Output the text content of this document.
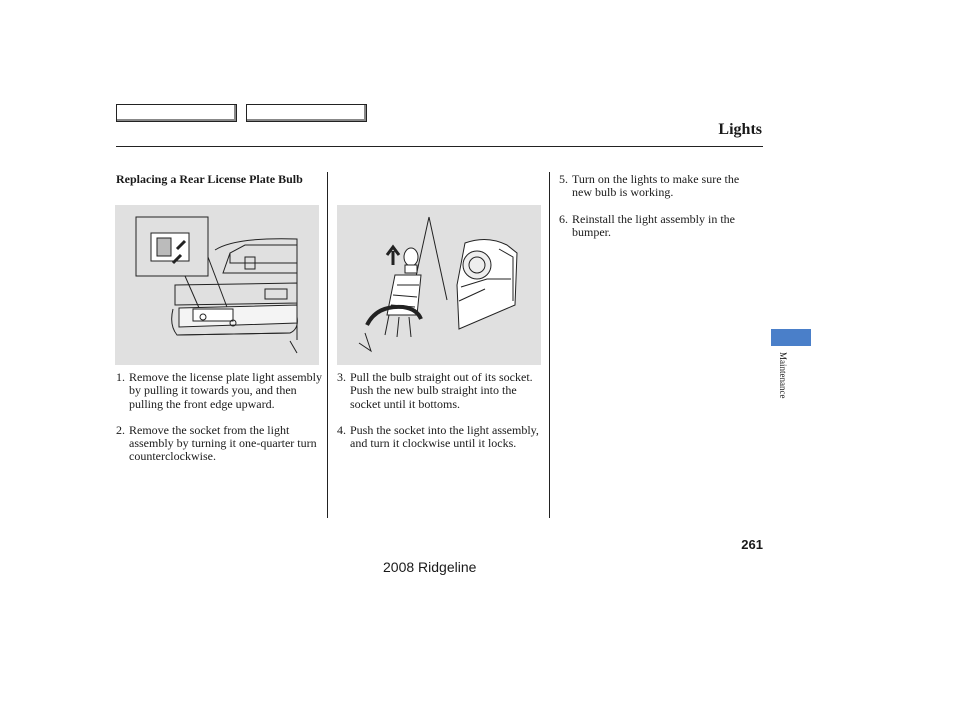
Lights
Replacing a Rear License Plate Bulb
1. Remove the license plate light assembly by pulling it towards you, and then pulling the front edge upward.
2. Remove the socket from the light assembly by turning it one-quarter turn counterclockwise.
3. Pull the bulb straight out of its socket. Push the new bulb straight into the socket until it bottoms.
4. Push the socket into the light assembly, and turn it clockwise until it locks.
5. Turn on the lights to make sure the new bulb is working.
6. Reinstall the light assembly in the bumper.
Maintenance
261
2008 Ridgeline
